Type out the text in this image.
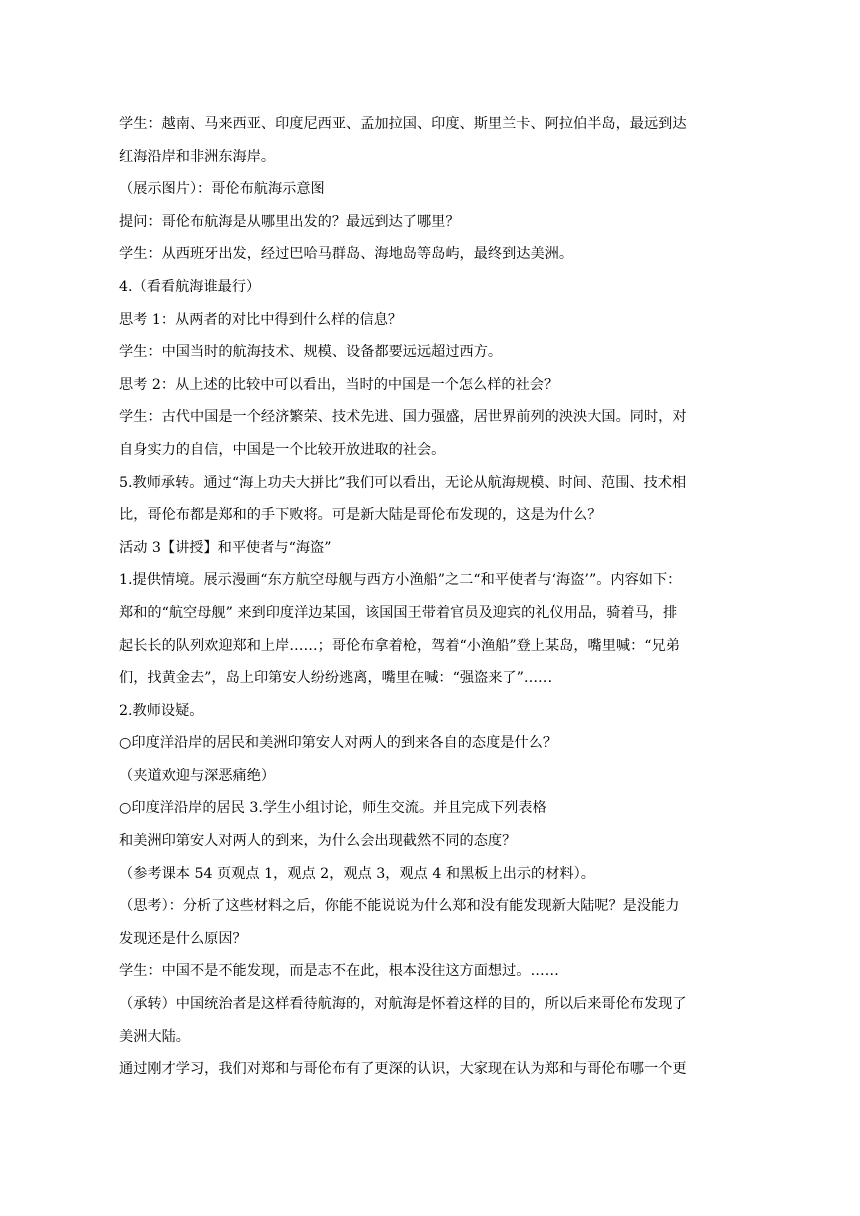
学生：越南、马来西亚、印度尼西亚、孟加拉国、印度、斯里兰卡、阿拉伯半岛，最远到达
红海沿岸和非洲东海岸。
（展示图片）：哥伦布航海示意图
提问：哥伦布航海是从哪里出发的？最远到达了哪里？
学生：从西班牙出发，经过巴哈马群岛、海地岛等岛屿，最终到达美洲。
4.（看看航海谁最行）
思考 1：从两者的对比中得到什么样的信息？
学生：中国当时的航海技术、规模、设备都要远远超过西方。
思考 2：从上述的比较中可以看出，当时的中国是一个怎么样的社会？
学生：古代中国是一个经济繁荣、技术先进、国力强盛，居世界前列的泱泱大国。同时，对
自身实力的自信，中国是一个比较开放进取的社会。
5.教师承转。通过“海上功夫大拼比”我们可以看出，无论从航海规模、时间、范围、技术相
比，哥伦布都是郑和的手下败将。可是新大陆是哥伦布发现的，这是为什么？
活动 3【讲授】和平使者与“海盗”
1.提供情境。展示漫画“东方航空母舰与西方小渔船”之二“和平使者与‘海盗’”。内容如下：
郑和的“航空母舰” 来到印度洋边某国，该国国王带着官员及迎宾的礼仪用品，骑着马，排
起长长的队列欢迎郑和上岸……；哥伦布拿着枪，驾着“小渔船”登上某岛，嘴里喊：“兄弟
们，找黄金去”，岛上印第安人纷纷逃离，嘴里在喊：“强盗来了”……
2.教师设疑。
○印度洋沿岸的居民和美洲印第安人对两人的到来各自的态度是什么？
（夹道欢迎与深恶痛绝）
○印度洋沿岸的居民 3.学生小组讨论，师生交流。并且完成下列表格
和美洲印第安人对两人的到来，为什么会出现截然不同的态度？
（参考课本 54 页观点 1，观点 2，观点 3，观点 4 和黑板上出示的材料）。
（思考）：分析了这些材料之后，你能不能说说为什么郑和没有能发现新大陆呢？是没能力
发现还是什么原因？
学生：中国不是不能发现，而是志不在此，根本没往这方面想过。……
（承转）中国统治者是这样看待航海的，对航海是怀着这样的目的，所以后来哥伦布发现了
美洲大陆。
通过刚才学习，我们对郑和与哥伦布有了更深的认识，大家现在认为郑和与哥伦布哪一个更
